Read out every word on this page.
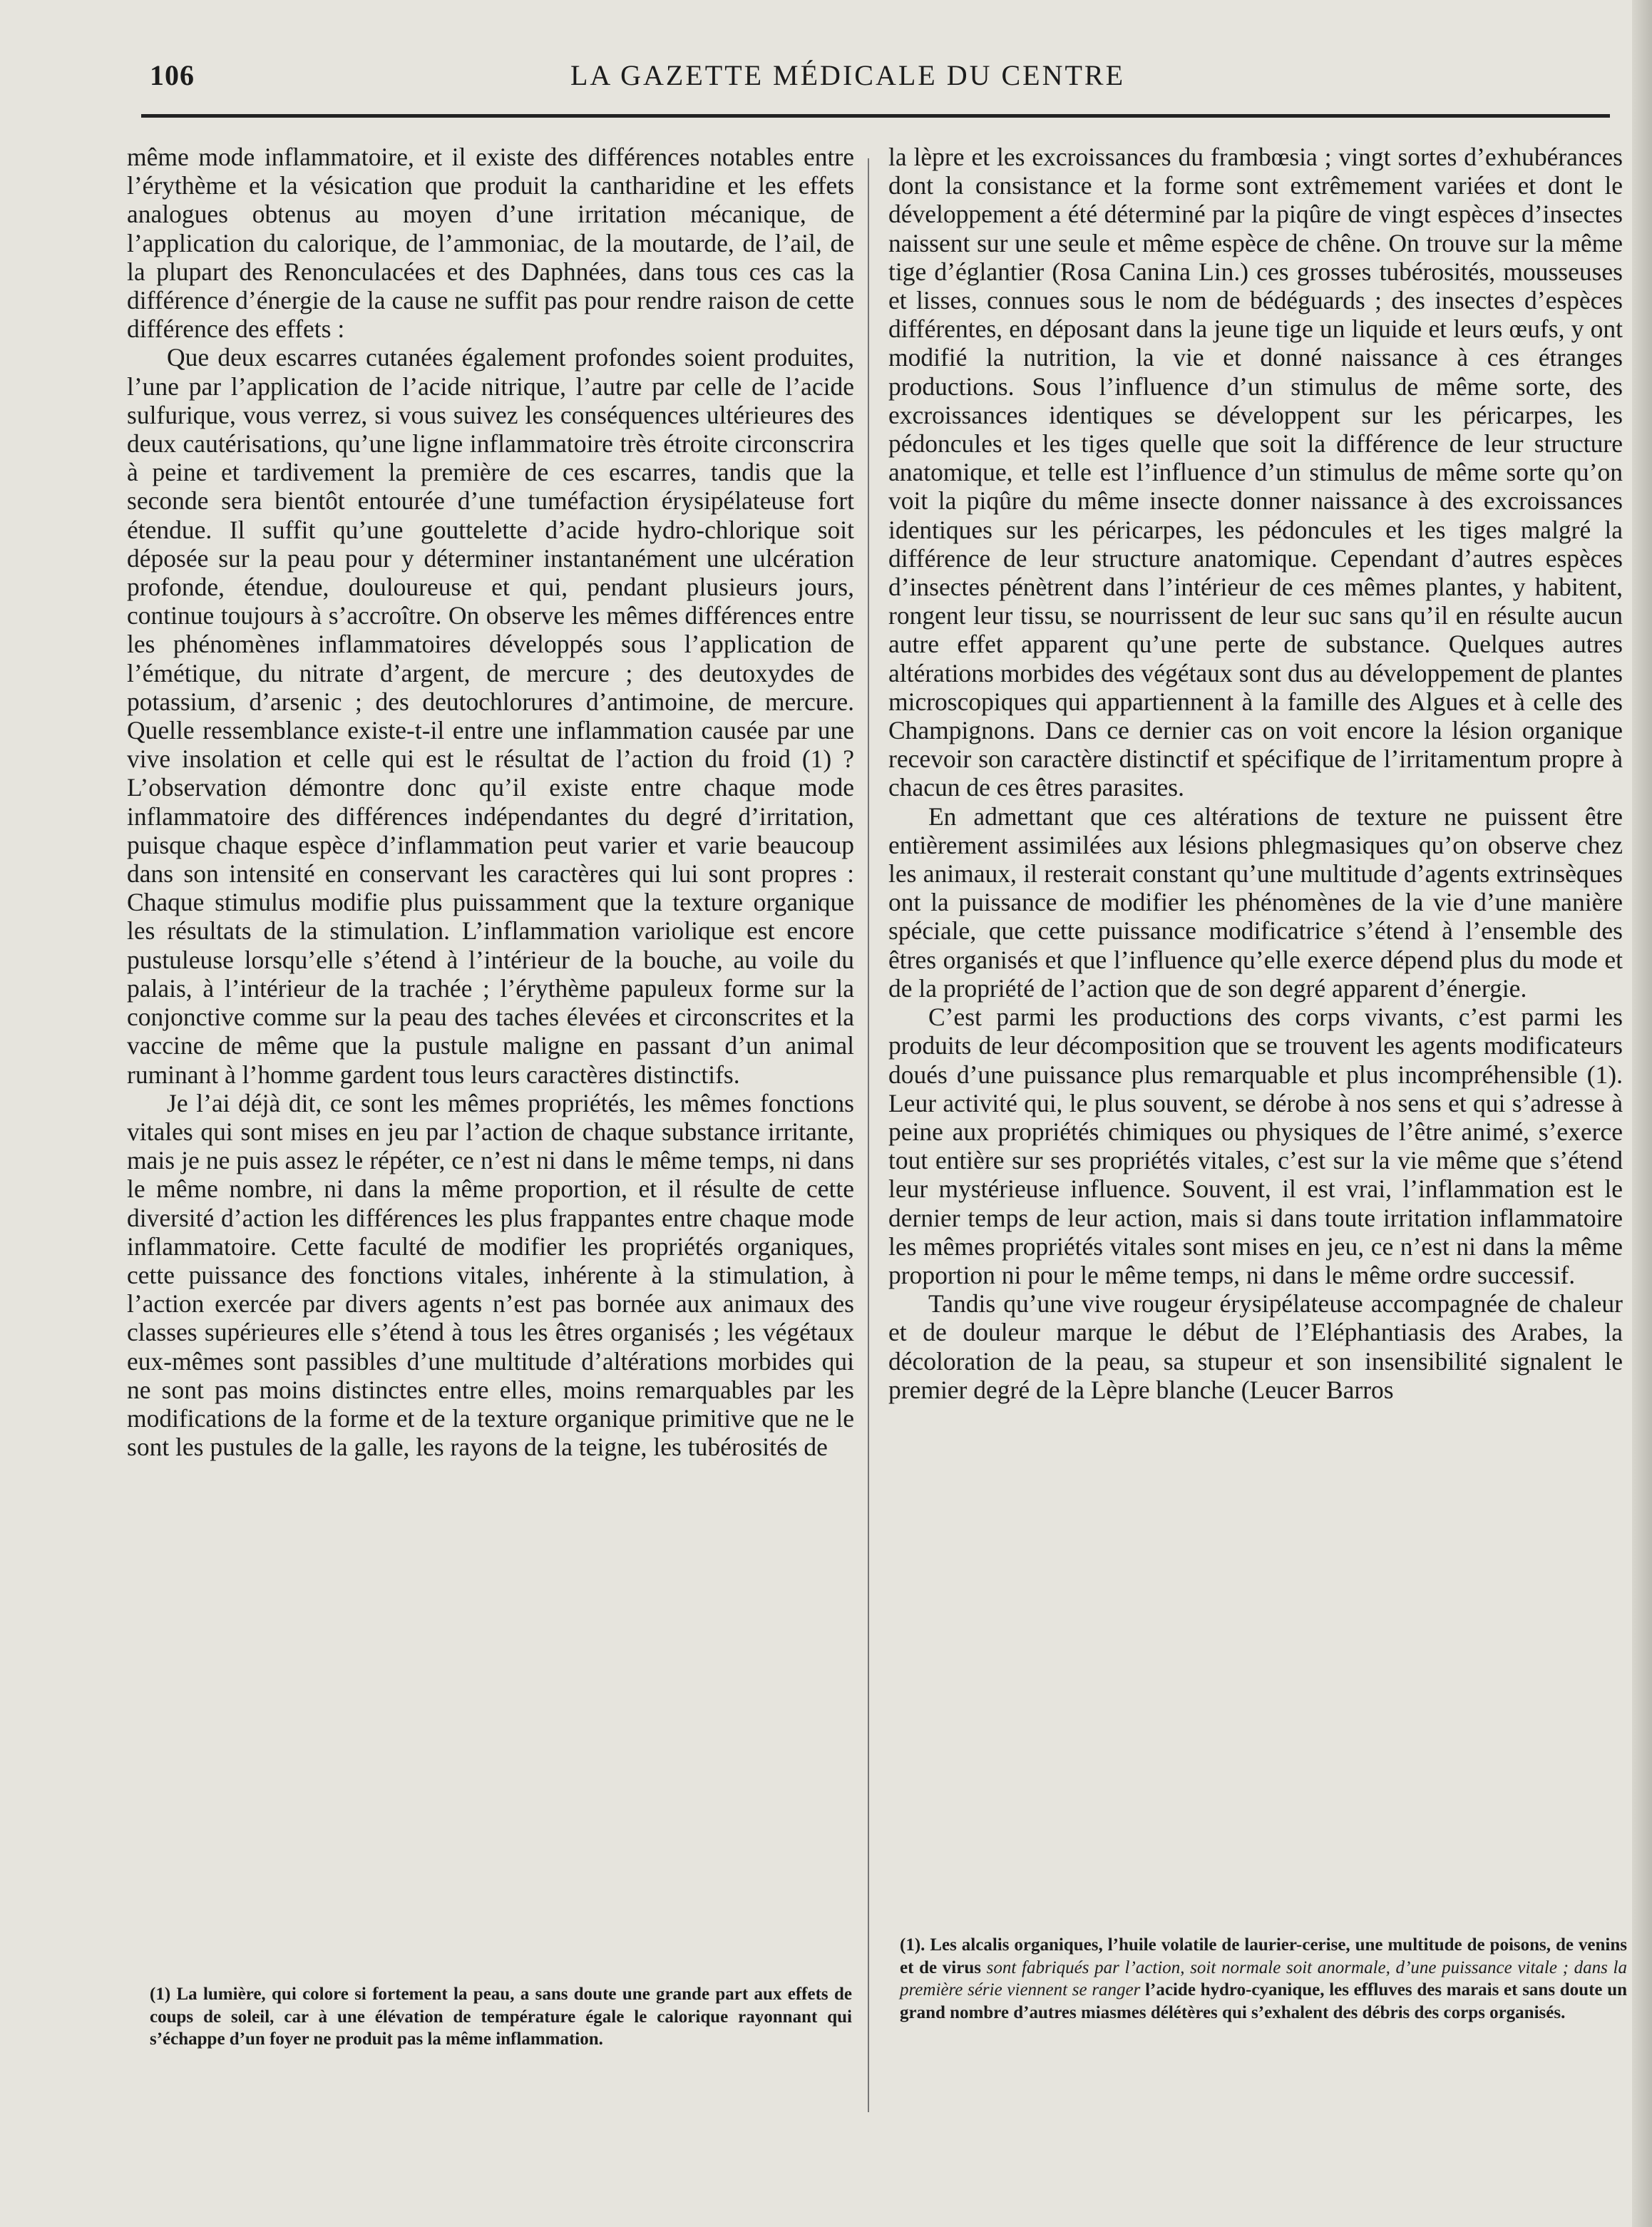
106	LA GAZETTE MÉDICALE DU CENTRE

même mode inflammatoire, et il existe des différences notables entre l’érythème et la vésication que produit la cantharidine et les effets analogues obtenus au moyen d’une irritation mécanique, de l’application du calorique, de l’ammoniac, de la moutarde, de l’ail, de la plupart des Renonculacées et des Daphnées, dans tous ces cas la différence d’énergie de la cause ne suffit pas pour rendre raison de cette différence des effets :

Que deux escarres cutanées également profondes soient produites, l’une par l’application de l’acide nitrique, l’autre par celle de l’acide sulfurique, vous verrez, si vous suivez les conséquences ultérieures des deux cautérisations, qu’une ligne inflammatoire très étroite circonscrira à peine et tardivement la première de ces escarres, tandis que la seconde sera bientôt entourée d’une tuméfaction érysipélateuse fort étendue. Il suffit qu’une gouttelette d’acide hydro-chlorique soit déposée sur la peau pour y déterminer instantanément une ulcération profonde, étendue, douloureuse et qui, pendant plusieurs jours, continue toujours à s’accroître. On observe les mêmes différences entre les phénomènes inflammatoires développés sous l’application de l’émétique, du nitrate d’argent, de mercure ; des deutoxydes de potassium, d’arsenic ; des deutochlorures d’antimoine, de mercure. Quelle ressemblance existe-t-il entre une inflammation causée par une vive insolation et celle qui est le résultat de l’action du froid (1) ? L’observation démontre donc qu’il existe entre chaque mode inflammatoire des différences indépendantes du degré d’irritation, puisque chaque espèce d’inflammation peut varier et varie beaucoup dans son intensité en conservant les caractères qui lui sont propres : Chaque stimulus modifie plus puissamment que la texture organique les résultats de la stimulation. L’inflammation variolique est encore pustuleuse lorsqu’elle s’étend à l’intérieur de la bouche, au voile du palais, à l’intérieur de la trachée ; l’érythème papuleux forme sur la conjonctive comme sur la peau des taches élevées et circonscrites et la vaccine de même que la pustule maligne en passant d’un animal ruminant à l’homme gardent tous leurs caractères distinctifs.

Je l’ai déjà dit, ce sont les mêmes propriétés, les mêmes fonctions vitales qui sont mises en jeu par l’action de chaque substance irritante, mais je ne puis assez le répéter, ce n’est ni dans le même temps, ni dans le même nombre, ni dans la même proportion, et il résulte de cette diversité d’action les différences les plus frappantes entre chaque mode inflammatoire. Cette faculté de modifier les propriétés organiques, cette puissance des fonctions vitales, inhérente à la stimulation, à l’action exercée par divers agents n’est pas bornée aux animaux des classes supérieures elle s’étend à tous les êtres organisés ; les végétaux eux-mêmes sont passibles d’une multitude d’altérations morbides qui ne sont pas moins distinctes entre elles, moins remarquables par les modifications de la forme et de la texture organique primitive que ne le sont les pustules de la galle, les rayons de la teigne, les tubérosités de

la lèpre et les excroissances du frambœsia ; vingt sortes d’exhubérances dont la consistance et la forme sont extrêmement variées et dont le développement a été déterminé par la piqûre de vingt espèces d’insectes naissent sur une seule et même espèce de chêne. On trouve sur la même tige d’églantier (Rosa Canina Lin.) ces grosses tubérosités, mousseuses et lisses, connues sous le nom de bédéguards ; des insectes d’espèces différentes, en déposant dans la jeune tige un liquide et leurs œufs, y ont modifié la nutrition, la vie et donné naissance à ces étranges productions. Sous l’influence d’un stimulus de même sorte, des excroissances identiques se développent sur les péricarpes, les pédoncules et les tiges quelle que soit la différence de leur structure anatomique, et telle est l’influence d’un stimulus de même sorte qu’on voit la piqûre du même insecte donner naissance à des excroissances identiques sur les péricarpes, les pédoncules et les tiges malgré la différence de leur structure anatomique. Cependant d’autres espèces d’insectes pénètrent dans l’intérieur de ces mêmes plantes, y habitent, rongent leur tissu, se nourrissent de leur suc sans qu’il en résulte aucun autre effet apparent qu’une perte de substance. Quelques autres altérations morbides des végétaux sont dus au développement de plantes microscopiques qui appartiennent à la famille des Algues et à celle des Champignons. Dans ce dernier cas on voit encore la lésion organique recevoir son caractère distinctif et spécifique de l’irritamentum propre à chacun de ces êtres parasites.

En admettant que ces altérations de texture ne puissent être entièrement assimilées aux lésions phlegmasiques qu’on observe chez les animaux, il resterait constant qu’une multitude d’agents extrinsèques ont la puissance de modifier les phénomènes de la vie d’une manière spéciale, que cette puissance modificatrice s’étend à l’ensemble des êtres organisés et que l’influence qu’elle exerce dépend plus du mode et de la propriété de l’action que de son degré apparent d’énergie.

C’est parmi les productions des corps vivants, c’est parmi les produits de leur décomposition que se trouvent les agents modificateurs doués d’une puissance plus remarquable et plus incompréhensible (1). Leur activité qui, le plus souvent, se dérobe à nos sens et qui s’adresse à peine aux propriétés chimiques ou physiques de l’être animé, s’exerce tout entière sur ses propriétés vitales, c’est sur la vie même que s’étend leur mystérieuse influence. Souvent, il est vrai, l’inflammation est le dernier temps de leur action, mais si dans toute irritation inflammatoire les mêmes propriétés vitales sont mises en jeu, ce n’est ni dans la même proportion ni pour le même temps, ni dans le même ordre successif.

Tandis qu’une vive rougeur érysipélateuse accompagnée de chaleur et de douleur marque le début de l’Eléphantiasis des Arabes, la décoloration de la peau, sa stupeur et son insensibilité signalent le premier degré de la Lèpre blanche (Leucer Barros

(1) La lumière, qui colore si fortement la peau, a sans doute une grande part aux effets de coups de soleil, car à une élévation de température égale le calorique rayonnant qui s’échappe d’un foyer ne produit pas la même inflammation.

(1). Les alcalis organiques, l’huile volatile de laurier-cerise, une multitude de poisons, de venins et de virus sont fabriqués par l’action, soit normale soit anormale, d’une puissance vitale ; dans la première série viennent se ranger l’acide hydro-cyanique, les effluves des marais et sans doute un grand nombre d’autres miasmes délétères qui s’exhalent des débris des corps organisés.
